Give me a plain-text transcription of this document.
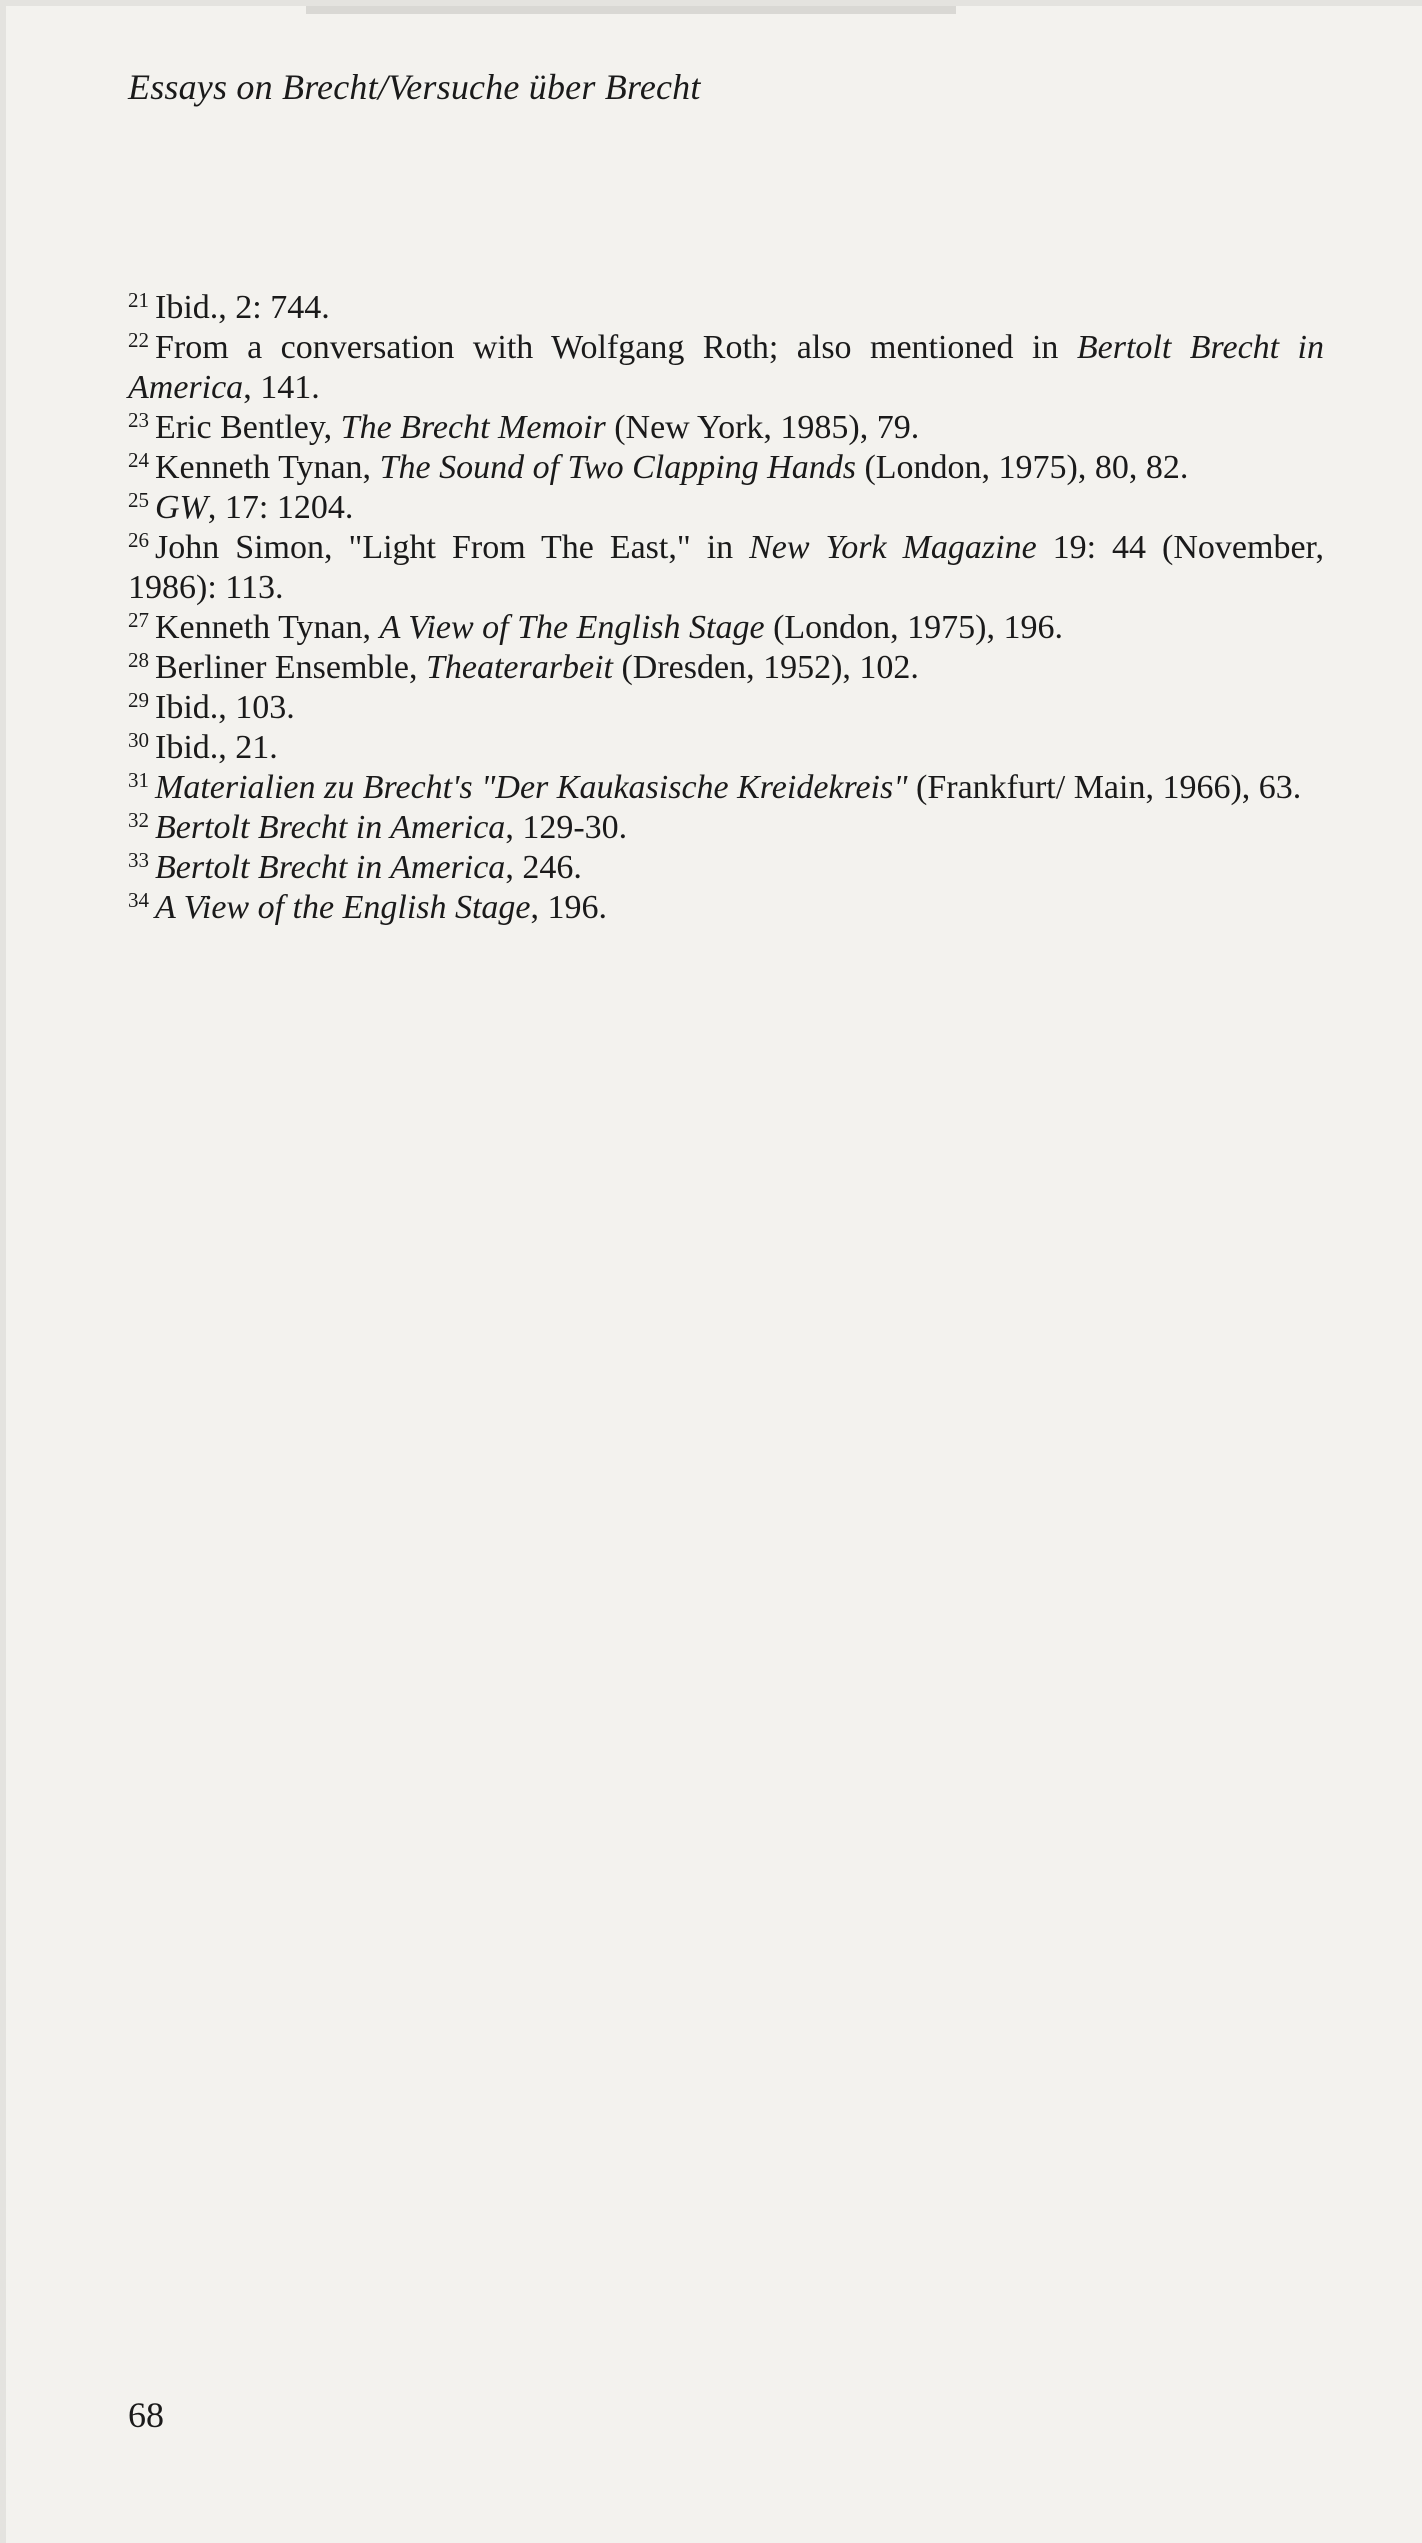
Essays on Brecht/Versuche über Brecht

$^{21}$ Ibid., 2: 744.

$^{22}$ From a conversation with Wolfgang Roth; also mentioned in Bertolt Brecht in America, 141.

$^{23}$ Eric Bentley, The Brecht Memoir (New York, 1985), 79.

$^{24}$ Kenneth Tynan, The Sound of Two Clapping Hands (London, 1975), 80, 82.

$^{25}$ GW, 17: 1204.

$^{26}$ John Simon, "Light From The East," in New York Magazine 19: 44 (November, 1986): 113.

$^{27}$ Kenneth Tynan, A View of The English Stage (London, 1975), 196.

$^{28}$ Berliner Ensemble, Theaterarbeit (Dresden, 1952), 102.

$^{29}$ Ibid., 103.

$^{30}$ Ibid., 21.

$^{31}$ Materialien zu Brecht's "Der Kaukasische Kreidekreis" (Frankfurt/ Main, 1966), 63.

$^{32}$ Bertolt Brecht in America, 129-30.

$^{33}$ Bertolt Brecht in America, 246.

$^{34}$ A View of the English Stage, 196.

68
